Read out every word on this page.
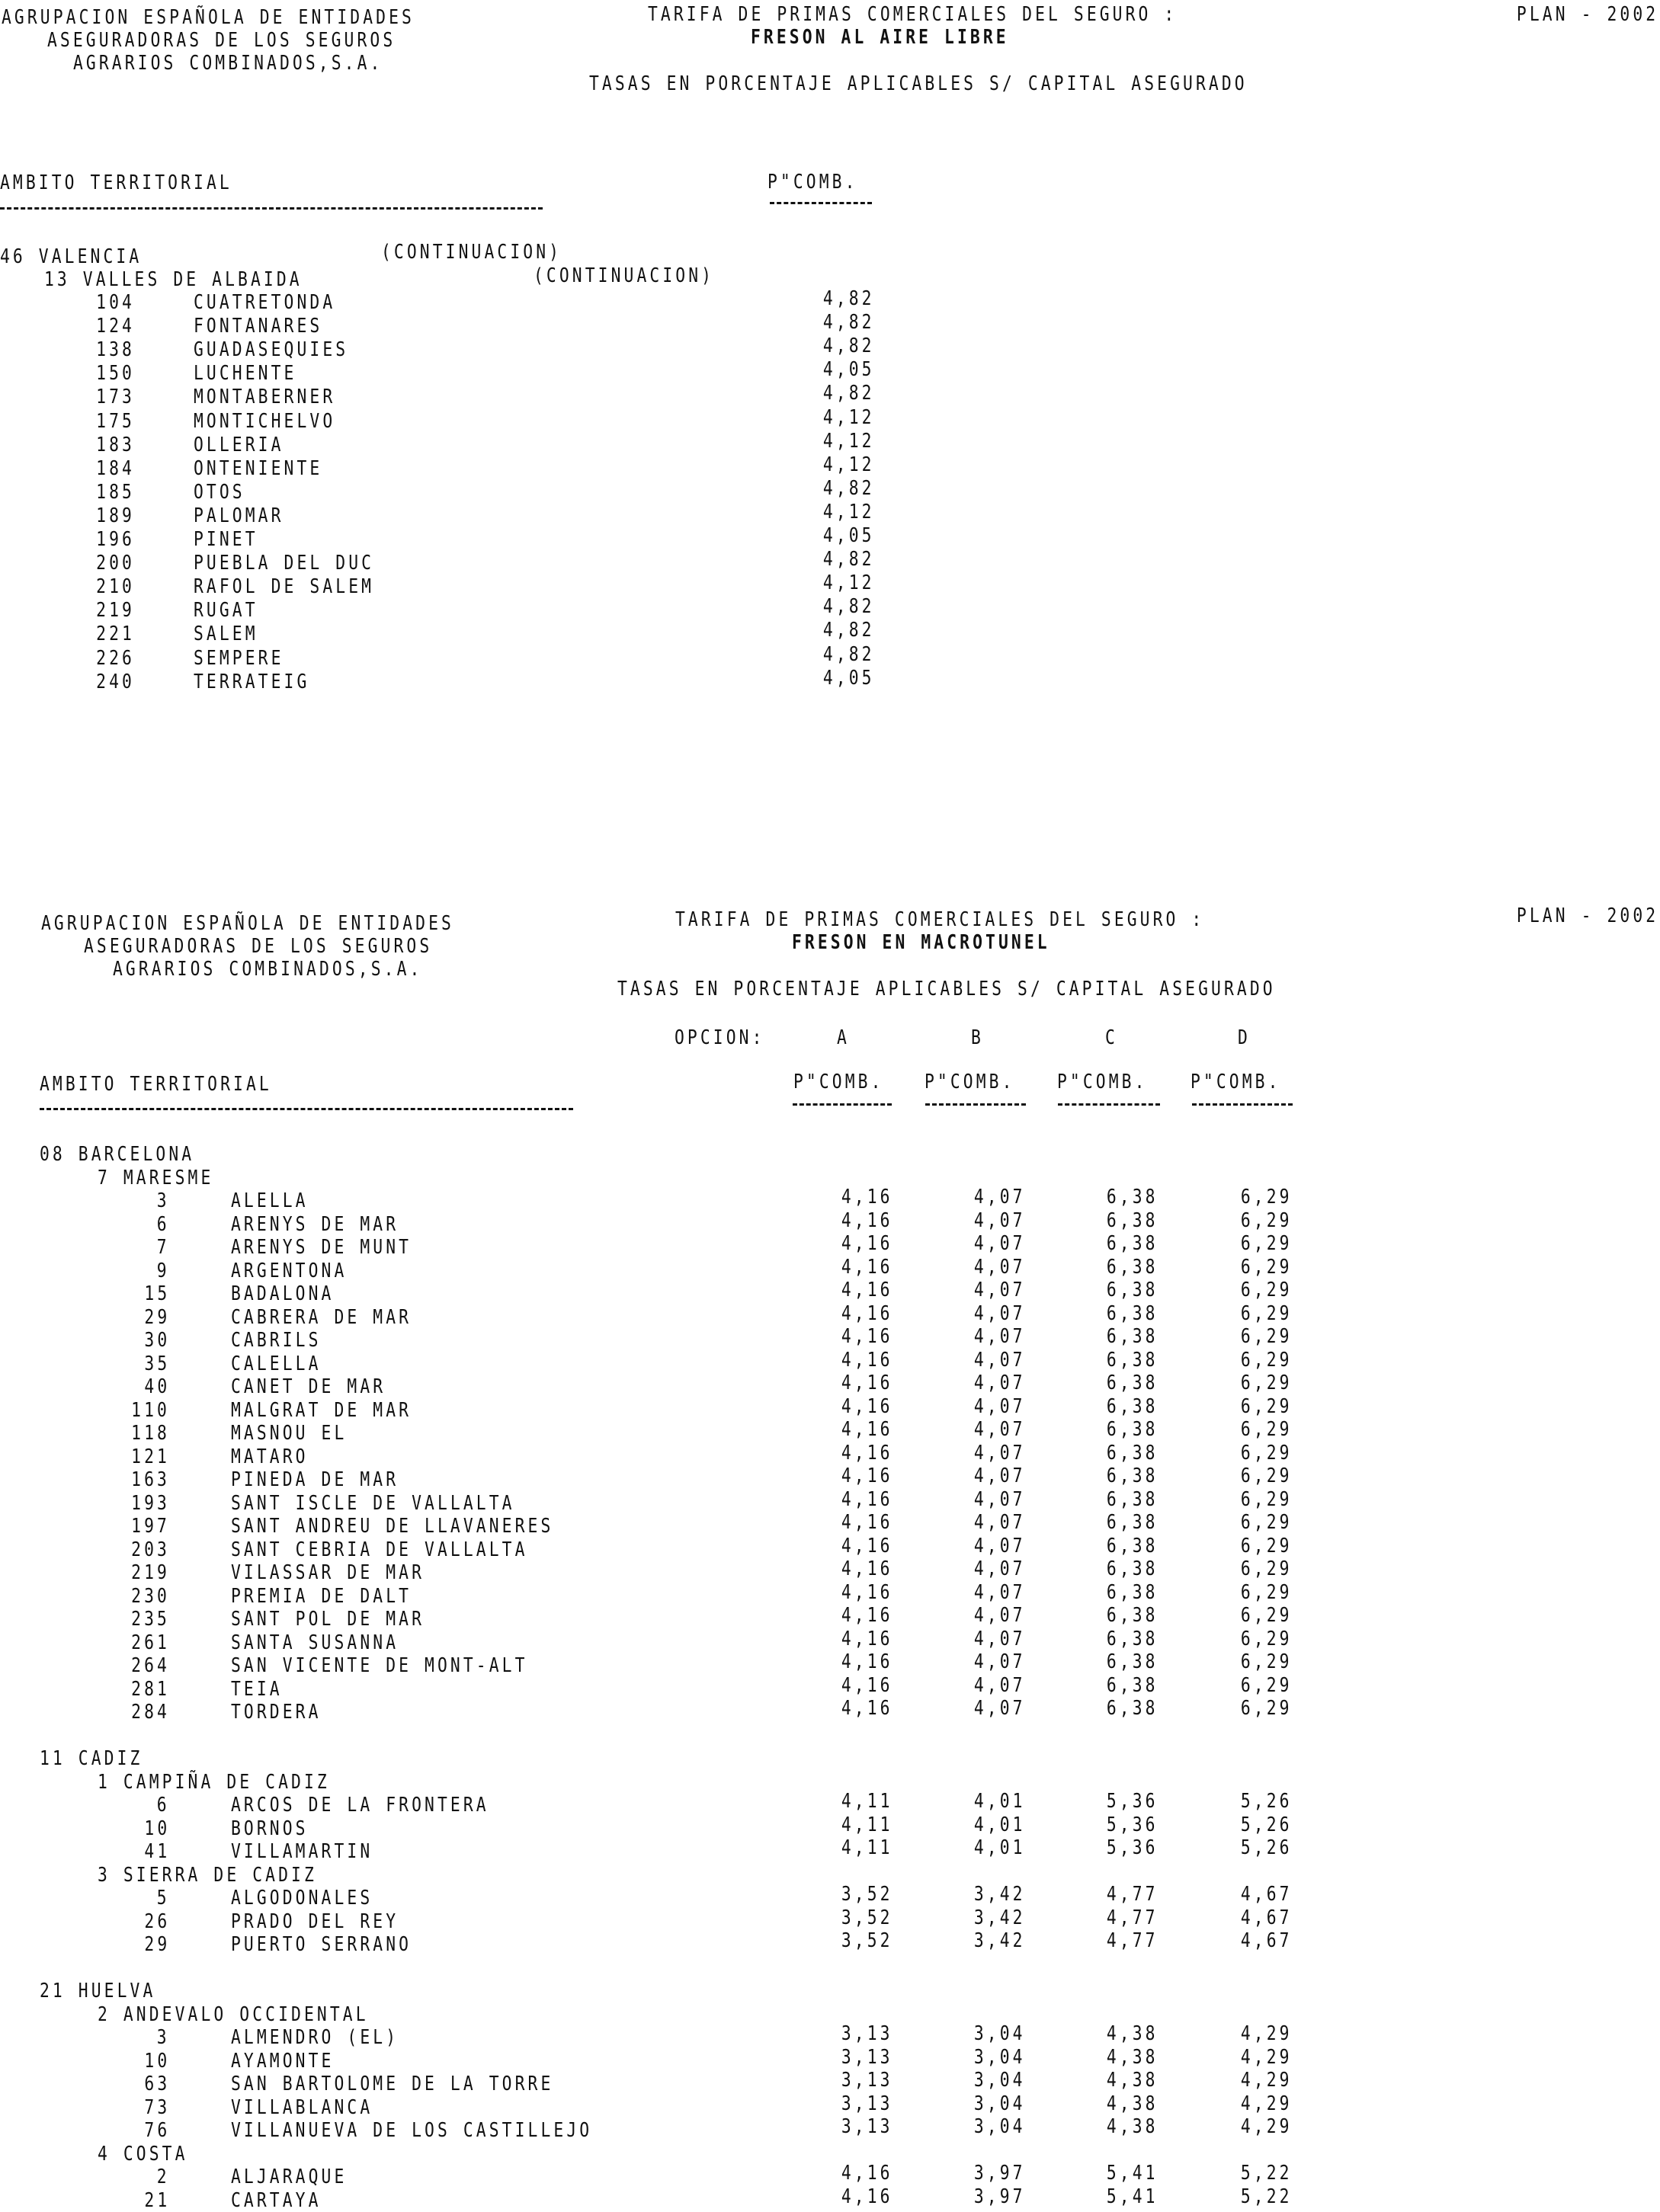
AGRUPACION ESPAÑOLA DE ENTIDADES
ASEGURADORAS DE LOS SEGUROS
AGRARIOS COMBINADOS,S.A.
TARIFA DE PRIMAS COMERCIALES DEL SEGURO :
FRESON AL AIRE LIBRE
PLAN - 2002
TASAS EN PORCENTAJE APLICABLES S/ CAPITAL ASEGURADO
AMBITO TERRITORIAL	P"COMB.
46 VALENCIA	(CONTINUACION)
13 VALLES DE ALBAIDA	(CONTINUACION)
104	CUATRETONDA	4,82
124	FONTANARES	4,82
138	GUADASEQUIES	4,82
150	LUCHENTE	4,05
173	MONTABERNER	4,82
175	MONTICHELVO	4,12
183	OLLERIA	4,12
184	ONTENIENTE	4,12
185	OTOS	4,82
189	PALOMAR	4,12
196	PINET	4,05
200	PUEBLA DEL DUC	4,82
210	RAFOL DE SALEM	4,12
219	RUGAT	4,82
221	SALEM	4,82
226	SEMPERE	4,82
240	TERRATEIG	4,05
AGRUPACION ESPAÑOLA DE ENTIDADES
ASEGURADORAS DE LOS SEGUROS
AGRARIOS COMBINADOS,S.A.
TARIFA DE PRIMAS COMERCIALES DEL SEGURO :
FRESON EN MACROTUNEL
PLAN - 2002
TASAS EN PORCENTAJE APLICABLES S/ CAPITAL ASEGURADO
OPCION:	A	B	C	D
AMBITO TERRITORIAL	P"COMB. P"COMB. P"COMB. P"COMB.
08 BARCELONA
7 MARESME
3	ALELLA	4,16	4,07	6,38	6,29
6	ARENYS DE MAR	4,16	4,07	6,38	6,29
7	ARENYS DE MUNT	4,16	4,07	6,38	6,29
9	ARGENTONA	4,16	4,07	6,38	6,29
15	BADALONA	4,16	4,07	6,38	6,29
29	CABRERA DE MAR	4,16	4,07	6,38	6,29
30	CABRILS	4,16	4,07	6,38	6,29
35	CALELLA	4,16	4,07	6,38	6,29
40	CANET DE MAR	4,16	4,07	6,38	6,29
110	MALGRAT DE MAR	4,16	4,07	6,38	6,29
118	MASNOU EL	4,16	4,07	6,38	6,29
121	MATARO	4,16	4,07	6,38	6,29
163	PINEDA DE MAR	4,16	4,07	6,38	6,29
193	SANT ISCLE DE VALLALTA	4,16	4,07	6,38	6,29
197	SANT ANDREU DE LLAVANERES	4,16	4,07	6,38	6,29
203	SANT CEBRIA DE VALLALTA	4,16	4,07	6,38	6,29
219	VILASSAR DE MAR	4,16	4,07	6,38	6,29
230	PREMIA DE DALT	4,16	4,07	6,38	6,29
235	SANT POL DE MAR	4,16	4,07	6,38	6,29
261	SANTA SUSANNA	4,16	4,07	6,38	6,29
264	SAN VICENTE DE MONT-ALT	4,16	4,07	6,38	6,29
281	TEIA	4,16	4,07	6,38	6,29
284	TORDERA	4,16	4,07	6,38	6,29
11 CADIZ
1 CAMPIÑA DE CADIZ
6	ARCOS DE LA FRONTERA	4,11	4,01	5,36	5,26
10	BORNOS	4,11	4,01	5,36	5,26
41	VILLAMARTIN	4,11	4,01	5,36	5,26
3 SIERRA DE CADIZ
5	ALGODONALES	3,52	3,42	4,77	4,67
26	PRADO DEL REY	3,52	3,42	4,77	4,67
29	PUERTO SERRANO	3,52	3,42	4,77	4,67
21 HUELVA
2 ANDEVALO OCCIDENTAL
3	ALMENDRO (EL)	3,13	3,04	4,38	4,29
10	AYAMONTE	3,13	3,04	4,38	4,29
63	SAN BARTOLOME DE LA TORRE	3,13	3,04	4,38	4,29
73	VILLABLANCA	3,13	3,04	4,38	4,29
76	VILLANUEVA DE LOS CASTILLEJO	3,13	3,04	4,38	4,29
4 COSTA
2	ALJARAQUE	4,16	3,97	5,41	5,22
21	CARTAYA	4,16	3,97	5,41	5,22
